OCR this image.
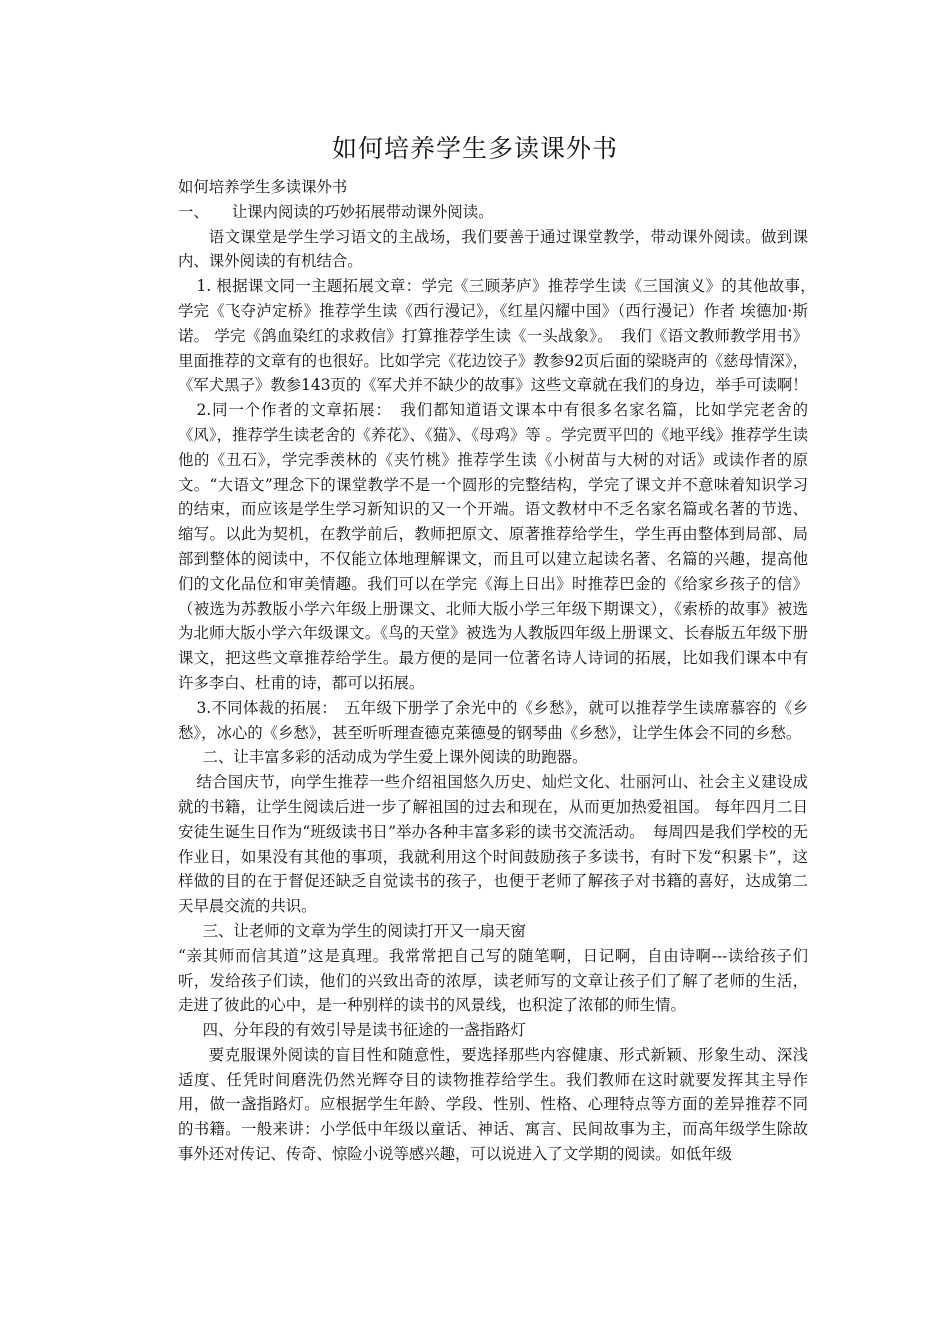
如何培养学生多读课外书

如何培养学生多读课外书

一、　　让课内阅读的巧妙拓展带动课外阅读。

语文课堂是学生学习语文的主战场，我们要善于通过课堂教学，带动课外阅读。做到课内、课外阅读的有机结合。

1. 根据课文同一主题拓展文章：学完《三顾茅庐》推荐学生读《三国演义》的其他故事，　学完《飞夺泸定桥》推荐学生读《西行漫记》，《红星闪耀中国》（西行漫记）作者 埃德加·斯诺。 学完《鸽血染红的求救信》打算推荐学生读《一头战象》。　我们《语文教师教学用书》里面推荐的文章有的也很好。比如学完《花边饺子》教参92页后面的梁晓声的《慈母情深》，《军犬黑子》教参143页的《军犬并不缺少的故事》这些文章就在我们的身边，举手可读啊！

2.同一个作者的文章拓展：　我们都知道语文课本中有很多名家名篇，比如学完老舍的《风》，推荐学生读老舍的《养花》、《猫》、《母鸡》等 。学完贾平凹的《地平线》推荐学生读他的《丑石》，学完季羡林的《夹竹桃》推荐学生读《小树苗与大树的对话》或读作者的原文。“大语文”理念下的课堂教学不是一个圆形的完整结构，学完了课文并不意味着知识学习的结束，而应该是学生学习新知识的又一个开端。语文教材中不乏名家名篇或名著的节选、缩写。以此为契机，在教学前后，教师把原文、原著推荐给学生，学生再由整体到局部、局部到整体的阅读中，不仅能立体地理解课文，而且可以建立起读名著、名篇的兴趣，提高他们的文化品位和审美情趣。我们可以在学完《海上日出》时推荐巴金的《给家乡孩子的信》（被选为苏教版小学六年级上册课文、北师大版小学三年级下期课文），《索桥的故事》被选为北师大版小学六年级课文。《鸟的天堂》被选为人教版四年级上册课文、长春版五年级下册课文，把这些文章推荐给学生。最方便的是同一位著名诗人诗词的拓展，比如我们课本中有许多李白、杜甫的诗，都可以拓展。

3.不同体裁的拓展：　五年级下册学了余光中的《乡愁》，就可以推荐学生读席慕容的《乡愁》，冰心的《乡愁》，甚至听听理查德克莱德曼的钢琴曲《乡愁》，让学生体会不同的乡愁。

二、让丰富多彩的活动成为学生爱上课外阅读的助跑器。

结合国庆节，向学生推荐一些介绍祖国悠久历史、灿烂文化、壮丽河山、社会主义建设成就的书籍，让学生阅读后进一步了解祖国的过去和现在，从而更加热爱祖国。 每年四月二日安徒生诞生日作为“班级读书日”举办各种丰富多彩的读书交流活动。　每周四是我们学校的无作业日，如果没有其他的事项，我就利用这个时间鼓励孩子多读书，有时下发“积累卡”，这样做的目的在于督促还缺乏自觉读书的孩子，也便于老师了解孩子对书籍的喜好，达成第二天早晨交流的共识。

三、让老师的文章为学生的阅读打开又一扇天窗

“亲其师而信其道”这是真理。我常常把自己写的随笔啊，日记啊，自由诗啊---读给孩子们听，发给孩子们读，他们的兴致出奇的浓厚，读老师写的文章让孩子们了解了老师的生活，走进了彼此的心中，是一种别样的读书的风景线，也积淀了浓郁的师生情。

四、分年段的有效引导是读书征途的一盏指路灯

要克服课外阅读的盲目性和随意性，要选择那些内容健康、形式新颖、形象生动、深浅适度、任凭时间磨洗仍然光辉夺目的读物推荐给学生。我们教师在这时就要发挥其主导作用，做一盏指路灯。应根据学生年龄、学段、性别、性格、心理特点等方面的差异推荐不同的书籍。一般来讲：小学低中年级以童话、神话、寓言、民间故事为主，而高年级学生除故事外还对传记、传奇、惊险小说等感兴趣，可以说进入了文学期的阅读。如低年级
